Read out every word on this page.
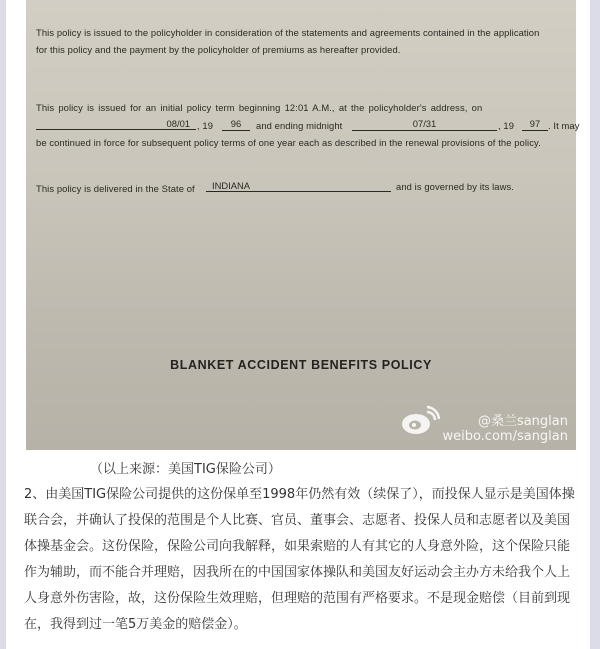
This policy is issued to the policyholder in consideration of the statements and agreements contained in the application
for this policy and the payment by the policyholder of premiums as hereafter provided.
This policy is issued for an initial policy term beginning 12:01 A.M., at the policyholder's address, on
08/01 , 19	96	and ending midnight	07/31	, 19	97 . It may
be continued in force for subsequent policy terms of one year each as described in the renewal provisions of the policy.
This policy is delivered in the State of	INDIANA	and is governed by its laws.
BLANKET ACCIDENT BENEFITS POLICY
@桑兰sanglan
weibo.com/sanglan
（以上来源：美国TIG保险公司）
2、由美国TIG保险公司提供的这份保单至1998年仍然有效（续保了），而投保人显示是美国体操联合会，并确认了投保的范围是个人比赛、官员、董事会、志愿者、投保人员和志愿者以及美国体操基金会。这份保险，保险公司向我解释，如果索赔的人有其它的人身意外险，这个保险只能作为辅助，而不能合并理赔，因我所在的中国国家体操队和美国友好运动会主办方未给我个人上人身意外伤害险，故，这份保险生效理赔，但理赔的范围有严格要求。不是现金赔偿（目前到现在，我得到过一笔5万美金的赔偿金）。
